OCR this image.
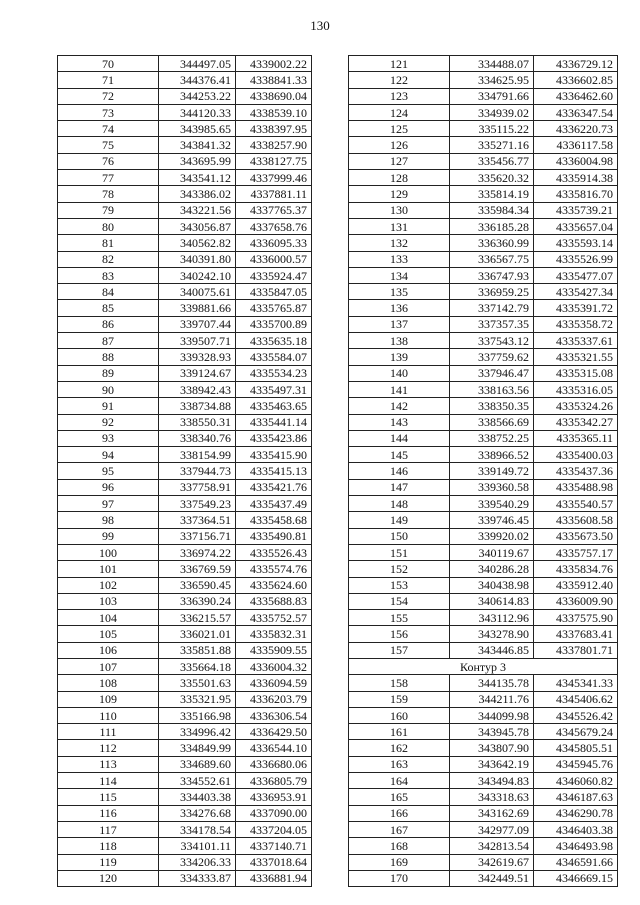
130
70	344497.05	4339002.22
71	344376.41	4338841.33
72	344253.22	4338690.04
73	344120.33	4338539.10
74	343985.65	4338397.95
75	343841.32	4338257.90
76	343695.99	4338127.75
77	343541.12	4337999.46
78	343386.02	4337881.11
79	343221.56	4337765.37
80	343056.87	4337658.76
81	340562.82	4336095.33
82	340391.80	4336000.57
83	340242.10	4335924.47
84	340075.61	4335847.05
85	339881.66	4335765.87
86	339707.44	4335700.89
87	339507.71	4335635.18
88	339328.93	4335584.07
89	339124.67	4335534.23
90	338942.43	4335497.31
91	338734.88	4335463.65
92	338550.31	4335441.14
93	338340.76	4335423.86
94	338154.99	4335415.90
95	337944.73	4335415.13
96	337758.91	4335421.76
97	337549.23	4335437.49
98	337364.51	4335458.68
99	337156.71	4335490.81
100	336974.22	4335526.43
101	336769.59	4335574.76
102	336590.45	4335624.60
103	336390.24	4335688.83
104	336215.57	4335752.57
105	336021.01	4335832.31
106	335851.88	4335909.55
107	335664.18	4336004.32
108	335501.63	4336094.59
109	335321.95	4336203.79
110	335166.98	4336306.54
111	334996.42	4336429.50
112	334849.99	4336544.10
113	334689.60	4336680.06
114	334552.61	4336805.79
115	334403.38	4336953.91
116	334276.68	4337090.00
117	334178.54	4337204.05
118	334101.11	4337140.71
119	334206.33	4337018.64
120	334333.87	4336881.94
121	334488.07	4336729.12
122	334625.95	4336602.85
123	334791.66	4336462.60
124	334939.02	4336347.54
125	335115.22	4336220.73
126	335271.16	4336117.58
127	335456.77	4336004.98
128	335620.32	4335914.38
129	335814.19	4335816.70
130	335984.34	4335739.21
131	336185.28	4335657.04
132	336360.99	4335593.14
133	336567.75	4335526.99
134	336747.93	4335477.07
135	336959.25	4335427.34
136	337142.79	4335391.72
137	337357.35	4335358.72
138	337543.12	4335337.61
139	337759.62	4335321.55
140	337946.47	4335315.08
141	338163.56	4335316.05
142	338350.35	4335324.26
143	338566.69	4335342.27
144	338752.25	4335365.11
145	338966.52	4335400.03
146	339149.72	4335437.36
147	339360.58	4335488.98
148	339540.29	4335540.57
149	339746.45	4335608.58
150	339920.02	4335673.50
151	340119.67	4335757.17
152	340286.28	4335834.76
153	340438.98	4335912.40
154	340614.83	4336009.90
155	343112.96	4337575.90
156	343278.90	4337683.41
157	343446.85	4337801.71
Контур 3		
158	344135.78	4345341.33
159	344211.76	4345406.62
160	344099.98	4345526.42
161	343945.78	4345679.24
162	343807.90	4345805.51
163	343642.19	4345945.76
164	343494.83	4346060.82
165	343318.63	4346187.63
166	343162.69	4346290.78
167	342977.09	4346403.38
168	342813.54	4346493.98
169	342619.67	4346591.66
170	342449.51	4346669.15
